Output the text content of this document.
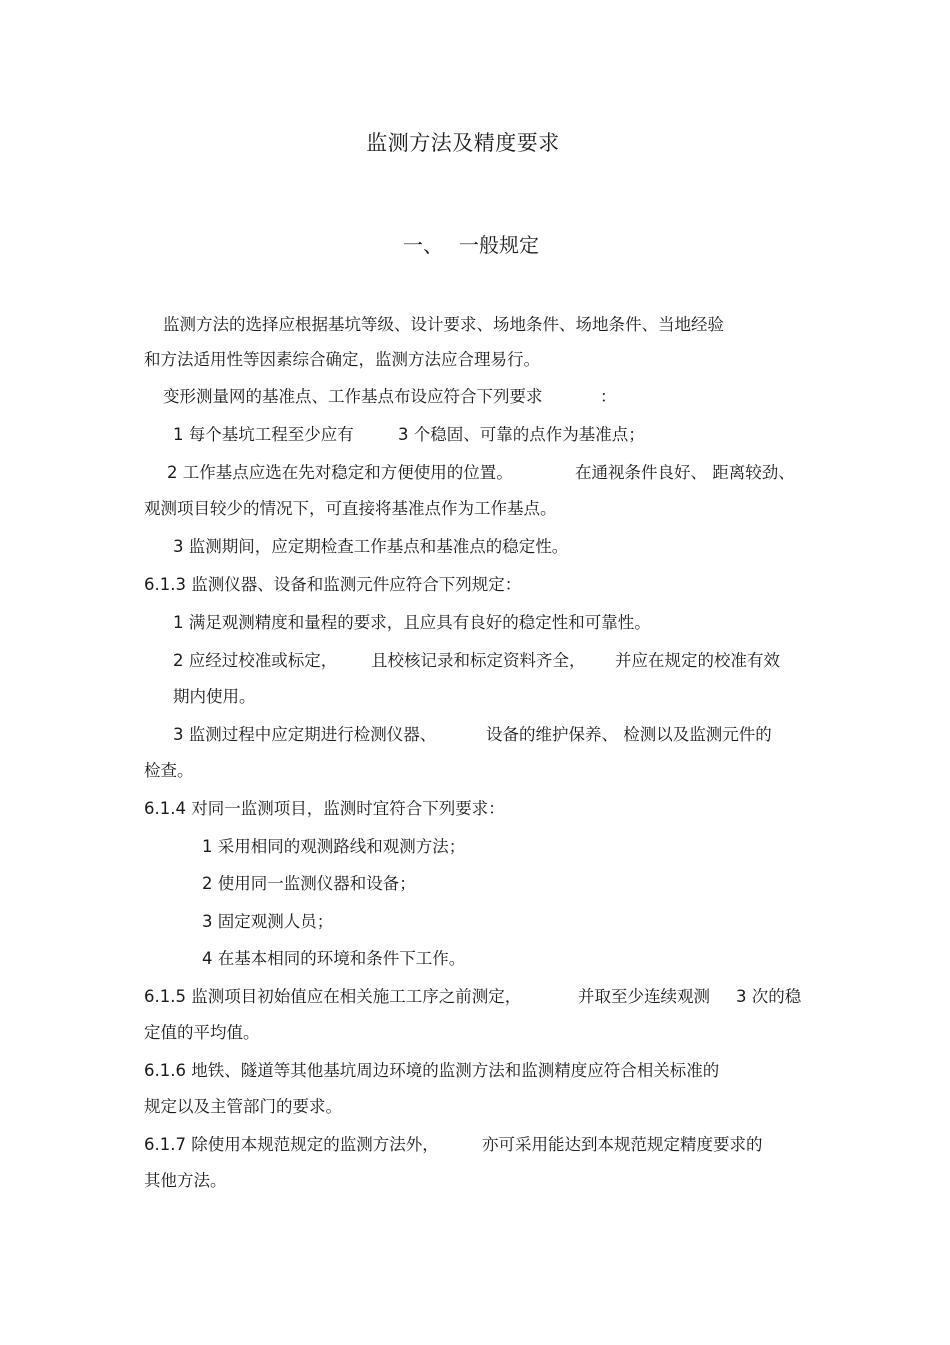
监测方法及精度要求
一、 一般规定
监测方法的选择应根据基坑等级、设计要求、场地条件、场地条件、当地经验
和方法适用性等因素综合确定，监测方法应合理易行。
变形测量网的基准点、工作基点布设应符合下列要求	：
1 每个基坑工程至少应有	3 个稳固、可靠的点作为基准点；
2 工作基点应选在先对稳定和方便使用的位置。	在通视条件良好、 距离较劲、
观测项目较少的情况下，可直接将基准点作为工作基点。
3 监测期间，应定期检查工作基点和基准点的稳定性。
6.1.3 监测仪器、设备和监测元件应符合下列规定：
1 满足观测精度和量程的要求，且应具有良好的稳定性和可靠性。
2 应经过校准或标定， 且校核记录和标定资料齐全， 并应在规定的校准有效
期内使用。
3 监测过程中应定期进行检测仪器、	设备的维护保养、 检测以及监测元件的
检查。
6.1.4 对同一监测项目，监测时宜符合下列要求：
1 采用相同的观测路线和观测方法；
2 使用同一监测仪器和设备；
3 固定观测人员；
4 在基本相同的环境和条件下工作。
6.1.5 监测项目初始值应在相关施工工序之前测定，	并取至少连续观测 3 次的稳
定值的平均值。
6.1.6 地铁、隧道等其他基坑周边环境的监测方法和监测精度应符合相关标准的
规定以及主管部门的要求。
6.1.7 除使用本规范规定的监测方法外，	亦可采用能达到本规范规定精度要求的
其他方法。
